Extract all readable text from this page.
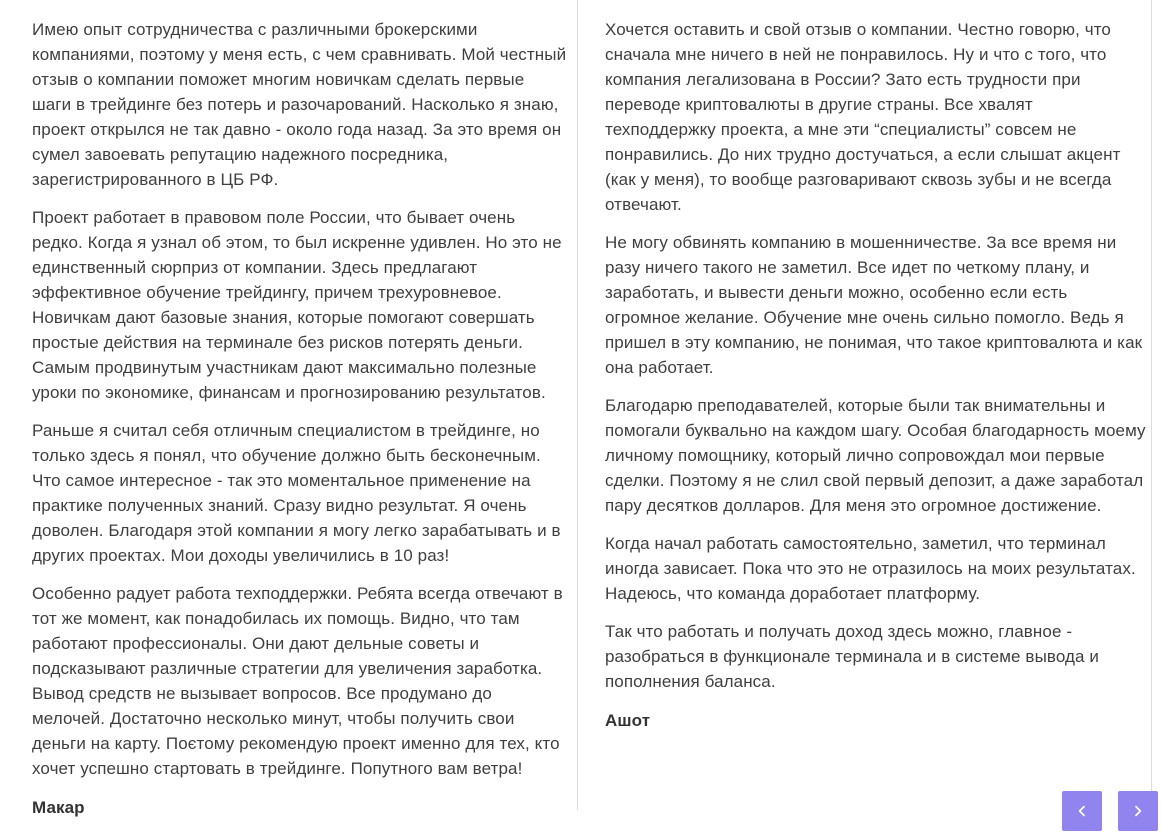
Имею опыт сотрудничества с различными брокерскими компаниями, поэтому у меня есть, с чем сравнивать. Мой честный отзыв о компании поможет многим новичкам сделать первые шаги в трейдинге без потерь и разочарований. Насколько я знаю, проект открылся не так давно - около года назад. За это время он сумел завоевать репутацию надежного посредника, зарегистрированного в ЦБ РФ.

Проект работает в правовом поле России, что бывает очень редко. Когда я узнал об этом, то был искренне удивлен. Но это не единственный сюрприз от компании. Здесь предлагают эффективное обучение трейдингу, причем трехуровневое. Новичкам дают базовые знания, которые помогают совершать простые действия на терминале без рисков потерять деньги. Самым продвинутым участникам дают максимально полезные уроки по экономике, финансам и прогнозированию результатов.

Раньше я считал себя отличным специалистом в трейдинге, но только здесь я понял, что обучение должно быть бесконечным. Что самое интересное - так это моментальное применение на практике полученных знаний. Сразу видно результат. Я очень доволен. Благодаря этой компании я могу легко зарабатывать и в других проектах. Мои доходы увеличились в 10 раз!

Особенно радует работа техподдержки. Ребята всегда отвечают в тот же момент, как понадобилась их помощь. Видно, что там работают профессионалы. Они дают дельные советы и подсказывают различные стратегии для увеличения заработка. Вывод средств не вызывает вопросов. Все продумано до мелочей. Достаточно несколько минут, чтобы получить свои деньги на карту. Поєтому рекомендую проект именно для тех, кто хочет успешно стартовать в трейдинге. Попутного вам ветра!

Макар

Хочется оставить и свой отзыв о компании. Честно говорю, что сначала мне ничего в ней не понравилось. Ну и что с того, что компания легализована в России? Зато есть трудности при переводе криптовалюты в другие страны. Все хвалят техподдержку проекта, а мне эти “специалисты” совсем не понравились. До них трудно достучаться, а если слышат акцент (как у меня), то вообще разговаривают сквозь зубы и не всегда отвечают.

Не могу обвинять компанию в мошенничестве. За все время ни разу ничего такого не заметил. Все идет по четкому плану, и заработать, и вывести деньги можно, особенно если есть огромное желание. Обучение мне очень сильно помогло. Ведь я пришел в эту компанию, не понимая, что такое криптовалюта и как она работает.

Благодарю преподавателей, которые были так внимательны и помогали буквально на каждом шагу. Особая благодарность моему личному помощнику, который лично сопровождал мои первые сделки. Поэтому я не слил свой первый депозит, а даже заработал пару десятков долларов. Для меня это огромное достижение.

Когда начал работать самостоятельно, заметил, что терминал иногда зависает. Пока что это не отразилось на моих результатах. Надеюсь, что команда доработает платформу.

Так что работать и получать доход здесь можно, главное - разобраться в функционале терминала и в системе вывода и пополнения баланса.

Ашот
